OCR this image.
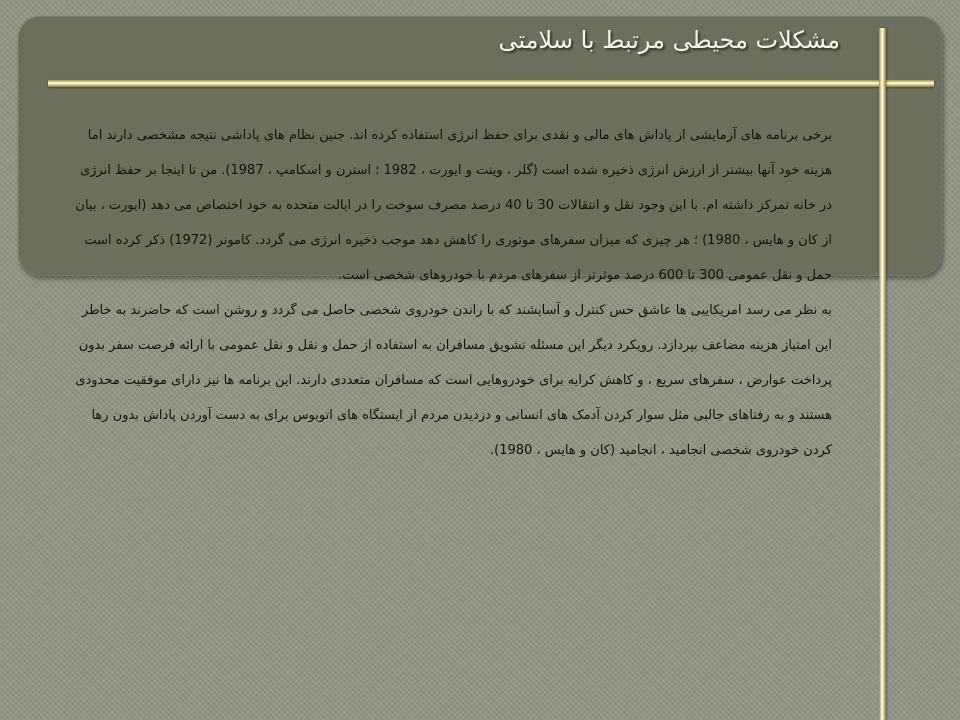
مشکلات محیطی مرتبط با سلامتی

برخی برنامه های آزمایشی از پاداش های مالی و نقدی برای حفظ انرژی استفاده کرده اند. جنین نظام های پاداشی نتیجه مشخصی دارند اما هزینه خود آنها بیشتر از ارزش انرژی ذخیره شده است (گلر ، وینت و ایورت ، 1982 ؛ استرن و اسکامپ ، 1987). من تا اینجا بر حفظ انرژی در خانه تمرکز داشته ام. با این وجود نقل و انتقالات 30 تا 40 درصد مصرف سوخت را در ایالت متحده به خود اختصاص می دهد (ایورت ، بیان از کان و هایس ، 1980) ؛ هر چیزی که میزان سفرهای موتوری را کاهش دهد موجب ذخیره انرژی می گردد. کامونر (1972) ذکر کرده است حمل و نقل عمومی 300 تا 600 درصد موثرتر از سفرهای مردم با خودروهای شخصی است.

به نظر می رسد امریکاییی ها عاشق حس کنترل و آسایشند که با راندن خودروی شخصی حاصل می گردد و روشن است که حاضرند به خاطر این امتیاز هزینه مضاعف بپردازد. رویکرد دیگر این مسئله تشویق مسافران به استفاده از حمل و نقل و نقل عمومی با ارائه فرصت سفر بدون پرداخت عوارض ، سفرهای سریع ، و کاهش کرایه برای خودروهایی است که مسافران متعددی دارند. این برنامه ها نیز دارای موفقیت محدودی هستند و به رفتاهای جالبی مثل سوار کردن آدمک های انسانی و دزدیدن مردم از ایستگاه های اتوبوس برای به دست آوردن پاداش بدون رها کردن خودروی شخصی انجامید ، انجامید (کان و هایس ، 1980).
